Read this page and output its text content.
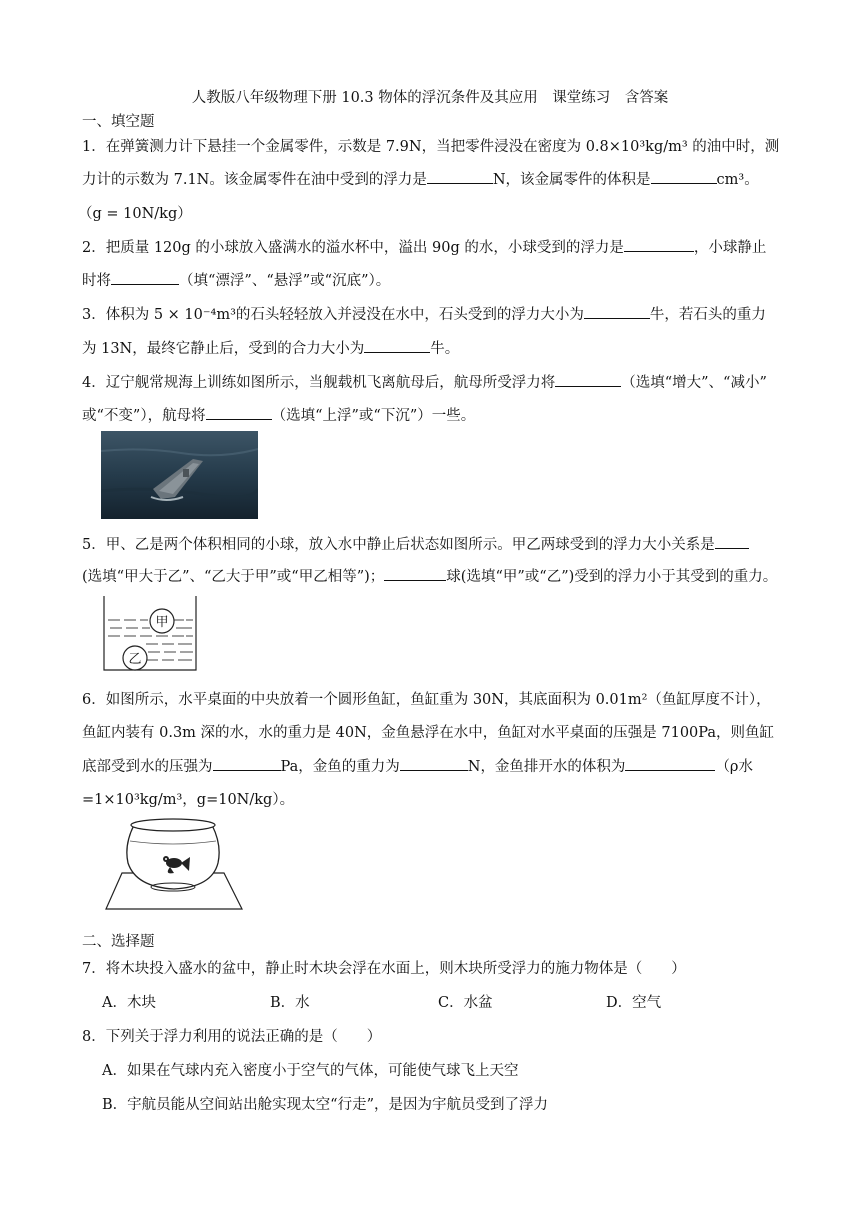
人教版八年级物理下册 10.3 物体的浮沉条件及其应用　课堂练习　含答案
一、填空题
1．在弹簧测力计下悬挂一个金属零件，示数是 7.9N，当把零件浸没在密度为 0.8×10³kg/m³ 的油中时，测
力计的示数为 7.1N。该金属零件在油中受到的浮力是	N，该金属零件的体积是	cm³。
（g = 10N/kg）
2．把质量 120g 的小球放入盛满水的溢水杯中，溢出 90g 的水，小球受到的浮力是	，小球静止
时将	（填“漂浮”、“悬浮”或“沉底”）。
3．体积为 5 × 10⁻⁴m³的石头轻轻放入并浸没在水中，石头受到的浮力大小为	牛，若石头的重力
为 13N，最终它静止后，受到的合力大小为	牛。
4．辽宁舰常规海上训练如图所示，当舰载机飞离航母后，航母所受浮力将	（选填“增大”、“减小”
或“不变”），航母将	（选填“上浮”或“下沉”）一些。
5．甲、乙是两个体积相同的小球，放入水中静止后状态如图所示。甲乙两球受到的浮力大小关系是
(选填“甲大于乙”、“乙大于甲”或“甲乙相等”)；	球(选填“甲”或“乙”)受到的浮力小于其受到的重力。
甲
乙
6．如图所示，水平桌面的中央放着一个圆形鱼缸，鱼缸重为 30N，其底面积为 0.01m²（鱼缸厚度不计），
鱼缸内装有 0.3m 深的水，水的重力是 40N，金鱼悬浮在水中，鱼缸对水平桌面的压强是 7100Pa，则鱼缸
底部受到水的压强为	Pa，金鱼的重力为	N，金鱼排开水的体积为	（ρ水
=1×10³kg/m³，g=10N/kg）。
二、选择题
7．将木块投入盛水的盆中，静止时木块会浮在水面上，则木块所受浮力的施力物体是（　　）
A．木块	B．水	C．水盆	D．空气
8．下列关于浮力利用的说法正确的是（　　）
A．如果在气球内充入密度小于空气的气体，可能使气球飞上天空
B．宇航员能从空间站出舱实现太空“行走”，是因为宇航员受到了浮力
